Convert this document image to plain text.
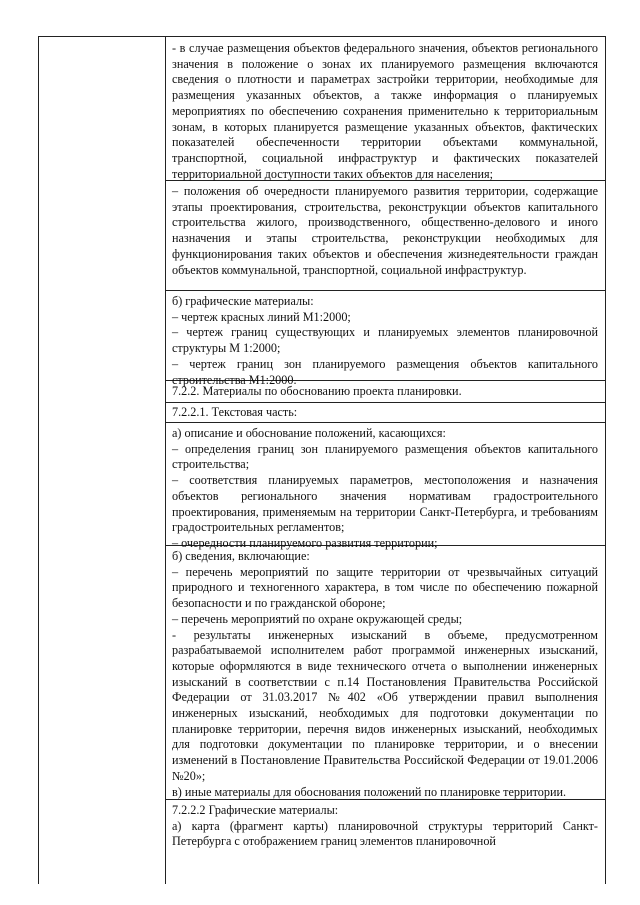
- в случае размещения объектов федерального значения, объектов регионального значения в положение о зонах их планируемого размещения включаются сведения о плотности и параметрах застройки территории, необходимые для размещения указанных объектов, а также информация о планируемых мероприятиях по обеспечению сохранения применительно к территориальным зонам, в которых планируется размещение указанных объектов, фактических показателей обеспеченности территории объектами коммунальной, транспортной, социальной инфраструктур и фактических показателей территориальной доступности таких объектов для населения;

– положения об очередности планируемого развития территории, содержащие этапы проектирования, строительства, реконструкции объектов капитального строительства жилого, производственного, общественно-делового и иного назначения и этапы строительства, реконструкции необходимых для функционирования таких объектов и обеспечения жизнедеятельности граждан объектов коммунальной, транспортной, социальной инфраструктур.

б) графические материалы:

– чертеж красных линий М1:2000;

– чертеж границ существующих и планируемых элементов планировочной структуры М 1:2000;

– чертеж границ зон планируемого размещения объектов капитального строительства М1:2000.

7.2.2. Материалы по обоснованию проекта планировки.

7.2.2.1. Текстовая часть:

а) описание и обоснование положений, касающихся:

– определения границ зон планируемого размещения объектов капитального строительства;

– соответствия планируемых параметров, местоположения и назначения объектов регионального значения нормативам градостроительного проектирования, применяемым на территории Санкт-Петербурга, и требованиям градостроительных регламентов;

– очередности планируемого развития территории;

б) сведения, включающие:

– перечень мероприятий по защите территории от чрезвычайных ситуаций природного и техногенного характера, в том числе по обеспечению пожарной безопасности и по гражданской обороне;

– перечень мероприятий по охране окружающей среды;

- результаты инженерных изысканий в объеме, предусмотренном разрабатываемой исполнителем работ программой инженерных изысканий, которые оформляются в виде технического отчета о выполнении инженерных изысканий в соответствии с п.14 Постановления Правительства Российской Федерации от 31.03.2017 №402 «Об утверждении правил выполнения инженерных изысканий, необходимых для подготовки документации по планировке территории, перечня видов инженерных изысканий, необходимых для подготовки документации по планировке территории, и о внесении изменений в Постановление Правительства Российской Федерации от 19.01.2006 №20»;

в) иные материалы для обоснования положений по планировке территории.

7.2.2.2 Графические материалы:

а) карта (фрагмент карты) планировочной структуры территорий Санкт-Петербурга с отображением границ элементов планировочной
